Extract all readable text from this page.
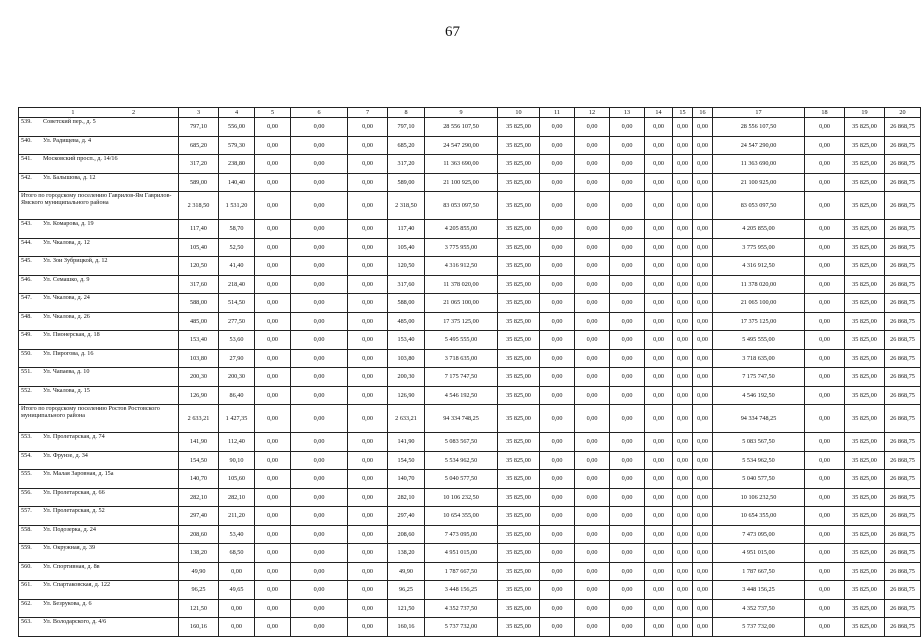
67
1 2	3	4	5	6	7	8	9	10	11	12	13	14	15	16	17	18	19	20
539. Советский пер., д. 5	797,10	556,00	0,00	0,00	0,00	797,10	28 556 107,50	35 825,00	0,00	0,00	0,00	0,00	0,00	0,00	28 556 107,50	0,00	35 825,00	26 868,75
540. Ул. Радищева, д. 4	685,20	579,30	0,00	0,00	0,00	685,20	24 547 290,00	35 825,00	0,00	0,00	0,00	0,00	0,00	0,00	24 547 290,00	0,00	35 825,00	26 868,75
541. Московский просп., д. 14/16	317,20	238,80	0,00	0,00	0,00	317,20	11 363 690,00	35 825,00	0,00	0,00	0,00	0,00	0,00	0,00	11 363 690,00	0,00	35 825,00	26 868,75
542. Ул. Балышова, д. 12	589,00	140,40	0,00	0,00	0,00	589,00	21 100 925,00	35 825,00	0,00	0,00	0,00	0,00	0,00	0,00	21 100 925,00	0,00	35 825,00	26 868,75
Итого по городскому поселению Гаврилов-Ям Гаврилов-Ямского муниципального района	2 318,50	1 531,20	0,00	0,00	0,00	2 318,50	83 053 097,50	35 825,00	0,00	0,00	0,00	0,00	0,00	0,00	83 053 097,50	0,00	35 825,00	26 868,75
543. Ул. Комарова, д. 19	117,40	58,70	0,00	0,00	0,00	117,40	4 205 855,00	35 825,00	0,00	0,00	0,00	0,00	0,00	0,00	4 205 855,00	0,00	35 825,00	26 868,75
544. Ул. Чкалова, д. 12	105,40	52,50	0,00	0,00	0,00	105,40	3 775 955,00	35 825,00	0,00	0,00	0,00	0,00	0,00	0,00	3 775 955,00	0,00	35 825,00	26 868,75
545. Ул. Зои Зубрицкой, д. 12	120,50	41,40	0,00	0,00	0,00	120,50	4 316 912,50	35 825,00	0,00	0,00	0,00	0,00	0,00	0,00	4 316 912,50	0,00	35 825,00	26 868,75
546. Ул. Семашко, д. 9	317,60	218,40	0,00	0,00	0,00	317,60	11 378 020,00	35 825,00	0,00	0,00	0,00	0,00	0,00	0,00	11 378 020,00	0,00	35 825,00	26 868,75
547. Ул. Чкалова, д. 24	588,00	514,50	0,00	0,00	0,00	588,00	21 065 100,00	35 825,00	0,00	0,00	0,00	0,00	0,00	0,00	21 065 100,00	0,00	35 825,00	26 868,75
548. Ул. Чкалова, д. 26	485,00	277,50	0,00	0,00	0,00	485,00	17 375 125,00	35 825,00	0,00	0,00	0,00	0,00	0,00	0,00	17 375 125,00	0,00	35 825,00	26 868,75
549. Ул. Пионерская, д. 18	153,40	53,60	0,00	0,00	0,00	153,40	5 495 555,00	35 825,00	0,00	0,00	0,00	0,00	0,00	0,00	5 495 555,00	0,00	35 825,00	26 868,75
550. Ул. Пирогова, д. 16	103,80	27,90	0,00	0,00	0,00	103,80	3 718 635,00	35 825,00	0,00	0,00	0,00	0,00	0,00	0,00	3 718 635,00	0,00	35 825,00	26 868,75
551. Ул. Чапаева, д. 10	200,30	200,30	0,00	0,00	0,00	200,30	7 175 747,50	35 825,00	0,00	0,00	0,00	0,00	0,00	0,00	7 175 747,50	0,00	35 825,00	26 868,75
552. Ул. Чкалова, д. 15	126,90	86,40	0,00	0,00	0,00	126,90	4 546 192,50	35 825,00	0,00	0,00	0,00	0,00	0,00	0,00	4 546 192,50	0,00	35 825,00	26 868,75
Итого по городскому поселению Ростов Ростовского муниципального района	2 633,21	1 427,35	0,00	0,00	0,00	2 633,21	94 334 748,25	35 825,00	0,00	0,00	0,00	0,00	0,00	0,00	94 334 748,25	0,00	35 825,00	26 868,75
553. Ул. Пролетарская, д. 74	141,90	112,40	0,00	0,00	0,00	141,90	5 083 567,50	35 825,00	0,00	0,00	0,00	0,00	0,00	0,00	5 083 567,50	0,00	35 825,00	26 868,75
554. Ул. Фрунзе, д. 34	154,50	90,10	0,00	0,00	0,00	154,50	5 534 962,50	35 825,00	0,00	0,00	0,00	0,00	0,00	0,00	5 534 962,50	0,00	35 825,00	26 868,75
555. Ул. Малая Заровная, д. 15а	140,70	105,60	0,00	0,00	0,00	140,70	5 040 577,50	35 825,00	0,00	0,00	0,00	0,00	0,00	0,00	5 040 577,50	0,00	35 825,00	26 868,75
556. Ул. Пролетарская, д. 66	282,10	282,10	0,00	0,00	0,00	282,10	10 106 232,50	35 825,00	0,00	0,00	0,00	0,00	0,00	0,00	10 106 232,50	0,00	35 825,00	26 868,75
557. Ул. Пролетарская, д. 52	297,40	211,20	0,00	0,00	0,00	297,40	10 654 355,00	35 825,00	0,00	0,00	0,00	0,00	0,00	0,00	10 654 355,00	0,00	35 825,00	26 868,75
558. Ул. Подозерка, д. 24	208,60	53,40	0,00	0,00	0,00	208,60	7 473 095,00	35 825,00	0,00	0,00	0,00	0,00	0,00	0,00	7 473 095,00	0,00	35 825,00	26 868,75
559. Ул. Окружная, д. 39	138,20	68,50	0,00	0,00	0,00	138,20	4 951 015,00	35 825,00	0,00	0,00	0,00	0,00	0,00	0,00	4 951 015,00	0,00	35 825,00	26 868,75
560. Ул. Спортивная, д. 8в	49,90	0,00	0,00	0,00	0,00	49,90	1 787 667,50	35 825,00	0,00	0,00	0,00	0,00	0,00	0,00	1 787 667,50	0,00	35 825,00	26 868,75
561. Ул. Спартаковская, д. 122	96,25	49,65	0,00	0,00	0,00	96,25	3 448 156,25	35 825,00	0,00	0,00	0,00	0,00	0,00	0,00	3 448 156,25	0,00	35 825,00	26 868,75
562. Ул. Безрукова, д. 6	121,50	0,00	0,00	0,00	0,00	121,50	4 352 737,50	35 825,00	0,00	0,00	0,00	0,00	0,00	0,00	4 352 737,50	0,00	35 825,00	26 868,75
563. Ул. Володарского, д. 4/6	160,16	0,00	0,00	0,00	0,00	160,16	5 737 732,00	35 825,00	0,00	0,00	0,00	0,00	0,00	0,00	5 737 732,00	0,00	35 825,00	26 868,75
